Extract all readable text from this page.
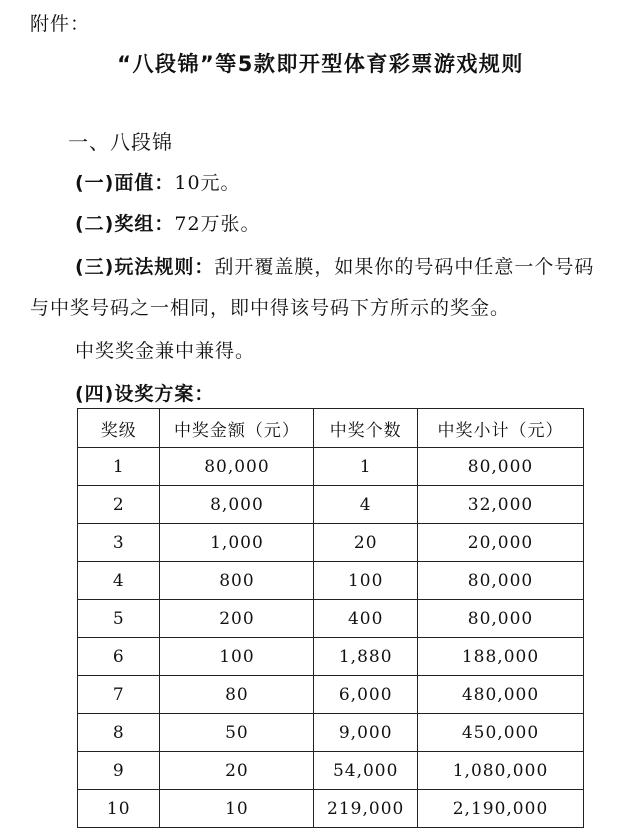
附件：
“八段锦”等5款即开型体育彩票游戏规则
一、八段锦
(一)面值：10元。
(二)奖组：72万张。
(三)玩法规则：刮开覆盖膜，如果你的号码中任意一个号码
与中奖号码之一相同，即中得该号码下方所示的奖金。
中奖奖金兼中兼得。
(四)设奖方案：
奖级	中奖金额（元）	中奖个数	中奖小计（元）
1	80,000	1	80,000
2	8,000	4	32,000
3	1,000	20	20,000
4	800	100	80,000
5	200	400	80,000
6	100	1,880	188,000
7	80	6,000	480,000
8	50	9,000	450,000
9	20	54,000	1,080,000
10	10	219,000	2,190,000
